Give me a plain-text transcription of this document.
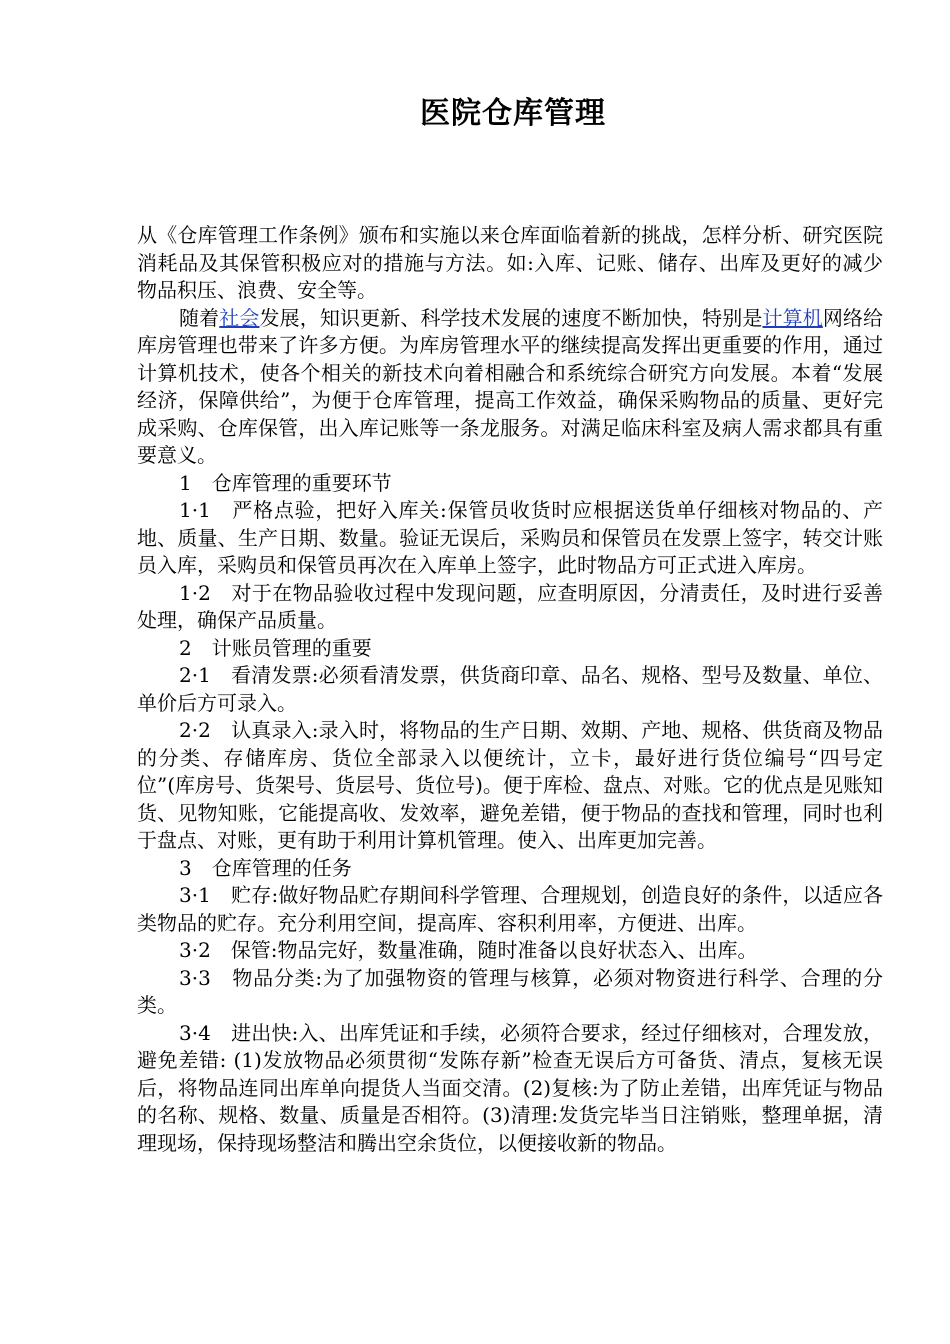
医院仓库管理

从《仓库管理工作条例》颁布和实施以来仓库面临着新的挑战，怎样分析、研究医院消耗品及其保管积极应对的措施与方法。如:入库、记账、储存、出库及更好的减少物品积压、浪费、安全等。

随着社会发展，知识更新、科学技术发展的速度不断加快，特别是计算机网络给库房管理也带来了许多方便。为库房管理水平的继续提高发挥出更重要的作用，通过计算机技术，使各个相关的新技术向着相融合和系统综合研究方向发展。本着“发展经济，保障供给”，为便于仓库管理，提高工作效益，确保采购物品的质量、更好完成采购、仓库保管，出入库记账等一条龙服务。对满足临床科室及病人需求都具有重要意义。

1　仓库管理的重要环节

1·1　严格点验，把好入库关:保管员收货时应根据送货单仔细核对物品的、产地、质量、生产日期、数量。验证无误后，采购员和保管员在发票上签字，转交计账员入库，采购员和保管员再次在入库单上签字，此时物品方可正式进入库房。

1·2　对于在物品验收过程中发现问题，应查明原因，分清责任，及时进行妥善处理，确保产品质量。

2　计账员管理的重要

2·1　看清发票:必须看清发票，供货商印章、品名、规格、型号及数量、单位、单价后方可录入。

2·2　认真录入:录入时，将物品的生产日期、效期、产地、规格、供货商及物品的分类、存储库房、货位全部录入以便统计，立卡，最好进行货位编号“四号定位”(库房号、货架号、货层号、货位号)。便于库检、盘点、对账。它的优点是见账知货、见物知账，它能提高收、发效率，避免差错，便于物品的查找和管理，同时也利于盘点、对账，更有助于利用计算机管理。使入、出库更加完善。

3　仓库管理的任务

3·1　贮存:做好物品贮存期间科学管理、合理规划，创造良好的条件，以适应各类物品的贮存。充分利用空间，提高库、容积利用率，方便进、出库。

3·2　保管:物品完好，数量准确，随时准备以良好状态入、出库。

3·3　物品分类:为了加强物资的管理与核算，必须对物资进行科学、合理的分类。

3·4　进出快:入、出库凭证和手续，必须符合要求，经过仔细核对，合理发放，避免差错: (1)发放物品必须贯彻“发陈存新”检查无误后方可备货、清点，复核无误后，将物品连同出库单向提货人当面交清。(2)复核:为了防止差错，出库凭证与物品的名称、规格、数量、质量是否相符。(3)清理:发货完毕当日注销账，整理单据，清理现场，保持现场整洁和腾出空余货位，以便接收新的物品。
